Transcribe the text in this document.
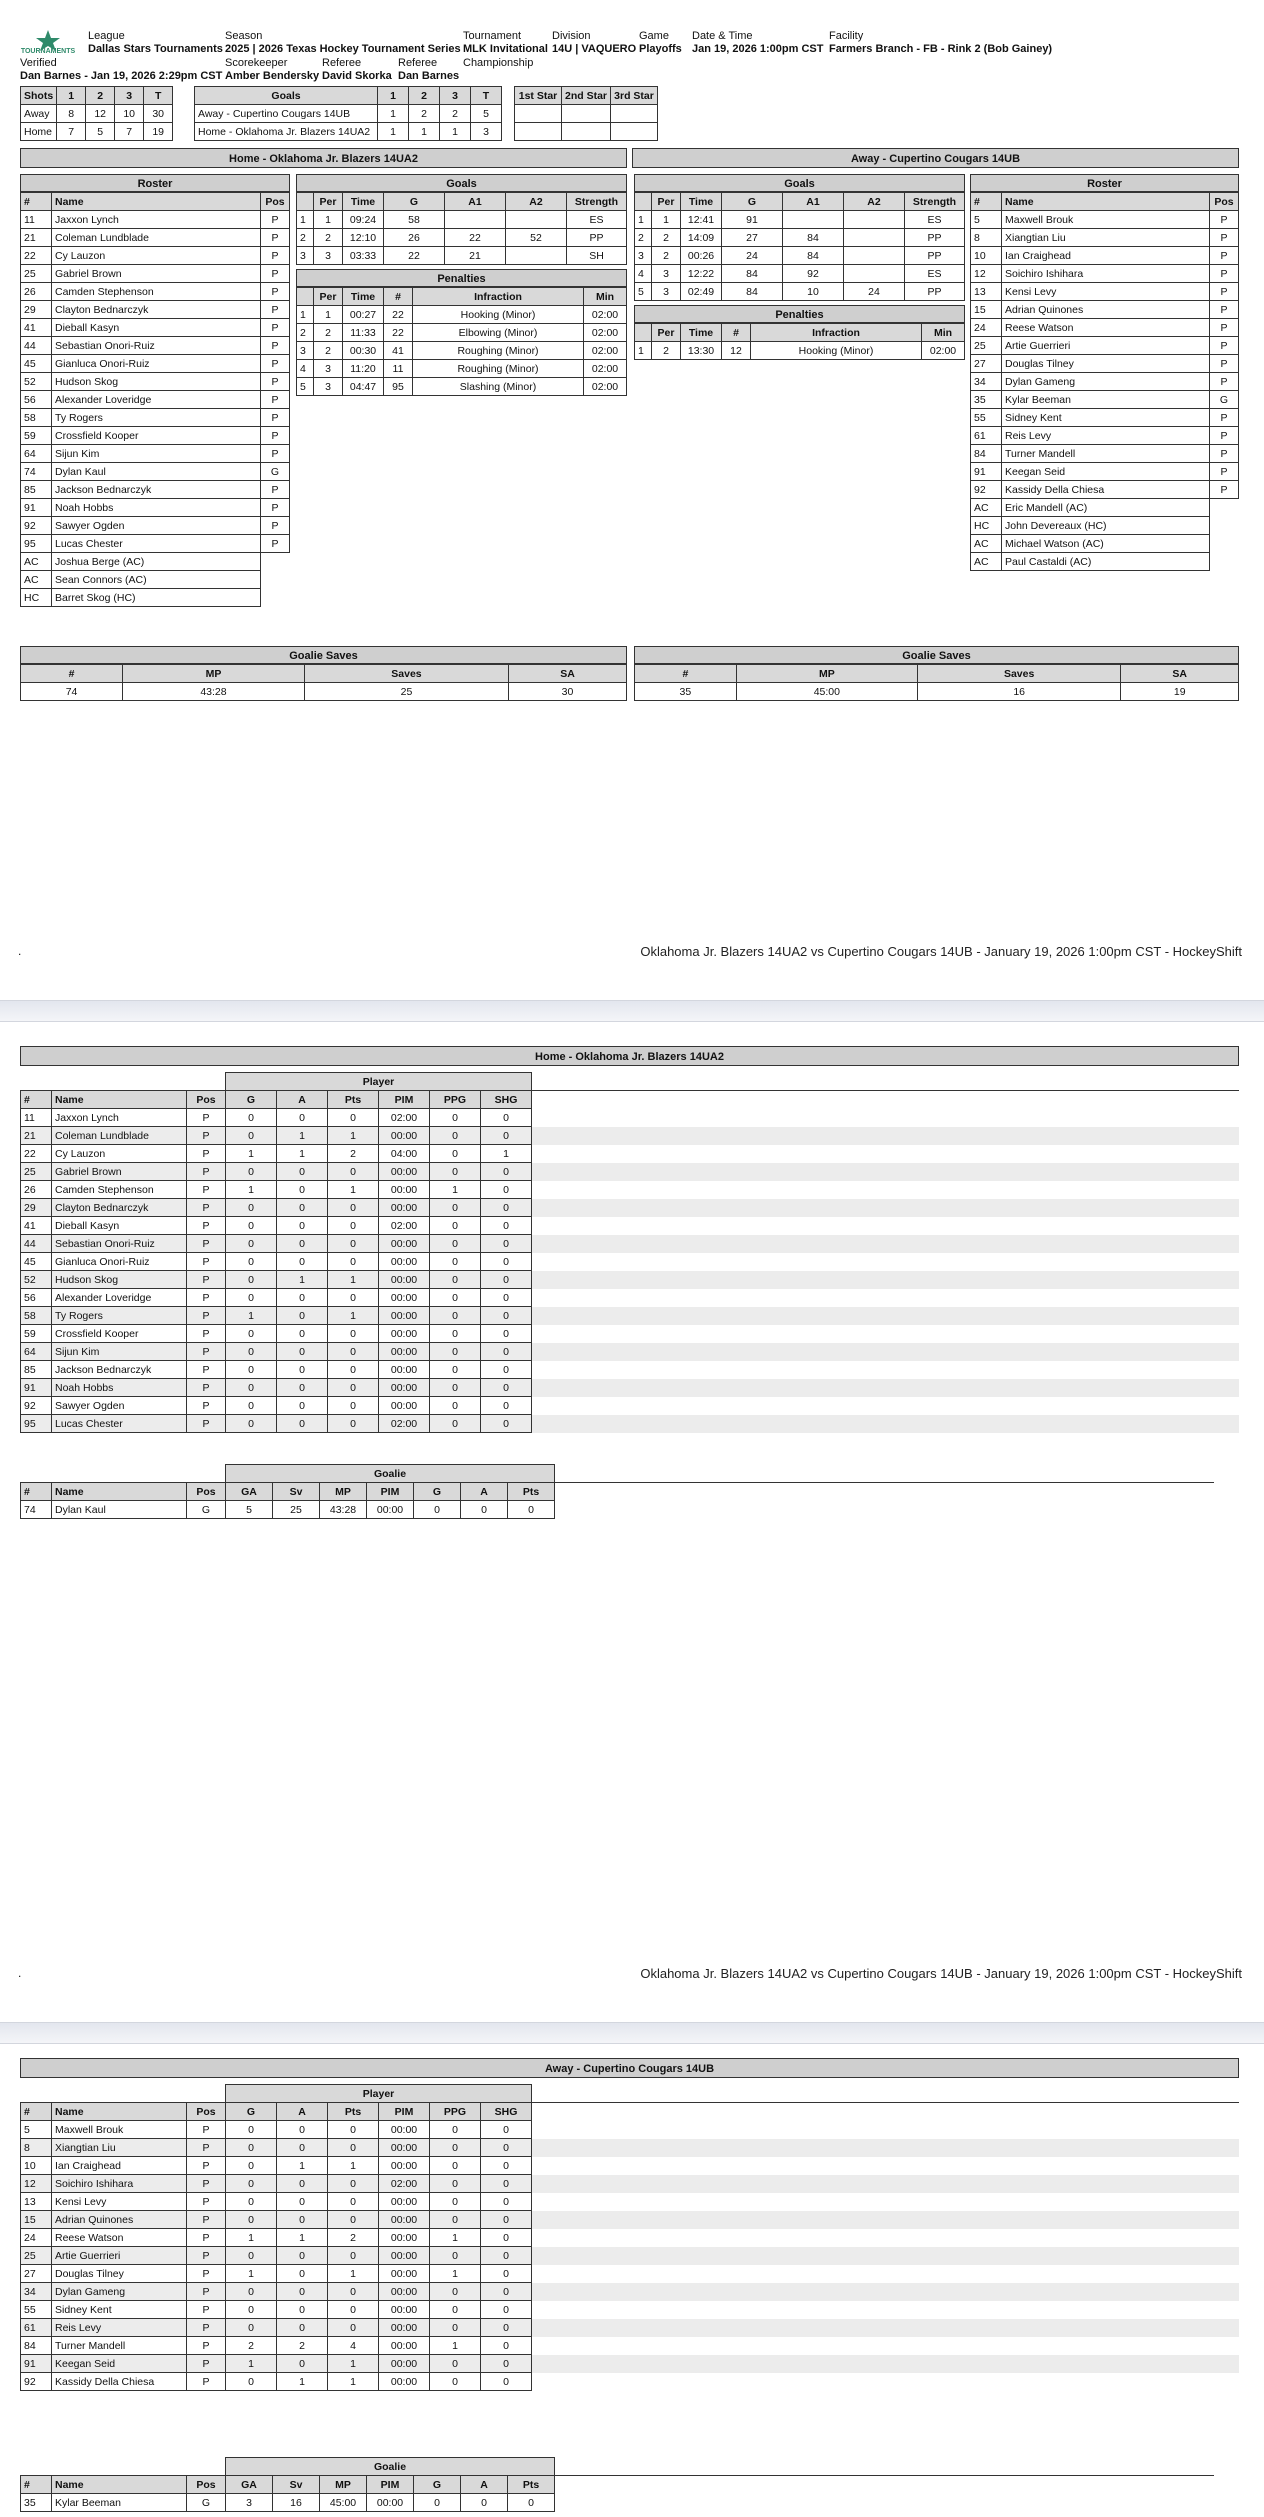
TOURNAMENTS
League
Dallas Stars Tournaments
Season
2025 | 2026 Texas Hockey Tournament Series
Tournament
MLK Invitational
Division
14U | VAQUERO
Game
Playoffs
Date & Time
Jan 19, 2026 1:00pm CST
Facility
Farmers Branch - FB - Rink 2 (Bob Gainey)
Verified
Dan Barnes - Jan 19, 2026 2:29pm CST
Scorekeeper
Amber Bendersky
Referee
David Skorka
Referee
Dan Barnes
Championship
Shots	1	2	3	T
Away	8	12	10	30
Home	7	5	7	19
Goals	1	2	3	T
Away - Cupertino Cougars 14UB	1	2	2	5
Home - Oklahoma Jr. Blazers 14UA2	1	1	1	3
1st Star	2nd Star	3rd Star

Home - Oklahoma Jr. Blazers 14UA2	Away - Cupertino Cougars 14UB
Roster
#	Name	Pos
11	Jaxxon Lynch	P
21	Coleman Lundblade	P
22	Cy Lauzon	P
25	Gabriel Brown	P
26	Camden Stephenson	P
29	Clayton Bednarczyk	P
41	Dieball Kasyn	P
44	Sebastian Onori-Ruiz	P
45	Gianluca Onori-Ruiz	P
52	Hudson Skog	P
56	Alexander Loveridge	P
58	Ty Rogers	P
59	Crossfield Kooper	P
64	Sijun Kim	P
74	Dylan Kaul	G
85	Jackson Bednarczyk	P
91	Noah Hobbs	P
92	Sawyer Ogden	P
95	Lucas Chester	P
AC	Joshua Berge (AC)	
AC	Sean Connors (AC)	
HC	Barret Skog (HC)	
Goals
	Per	Time	G	A1	A2	Strength
1	1	09:24	58			ES
2	2	12:10	26	22	52	PP
3	3	03:33	22	21		SH
Penalties
	Per	Time	#	Infraction	Min
1	1	00:27	22	Hooking (Minor)	02:00
2	2	11:33	22	Elbowing (Minor)	02:00
3	2	00:30	41	Roughing (Minor)	02:00
4	3	11:20	11	Roughing (Minor)	02:00
5	3	04:47	95	Slashing (Minor)	02:00
Goals
	Per	Time	G	A1	A2	Strength
1	1	12:41	91			ES
2	2	14:09	27	84		PP
3	2	00:26	24	84		PP
4	3	12:22	84	92		ES
5	3	02:49	84	10	24	PP
Penalties
	Per	Time	#	Infraction	Min
1	2	13:30	12	Hooking (Minor)	02:00
Roster
#	Name	Pos
5	Maxwell Brouk	P
8	Xiangtian Liu	P
10	Ian Craighead	P
12	Soichiro Ishihara	P
13	Kensi Levy	P
15	Adrian Quinones	P
24	Reese Watson	P
25	Artie Guerrieri	P
27	Douglas Tilney	P
34	Dylan Gameng	P
35	Kylar Beeman	G
55	Sidney Kent	P
61	Reis Levy	P
84	Turner Mandell	P
91	Keegan Seid	P
92	Kassidy Della Chiesa	P
AC	Eric Mandell (AC)	
HC	John Devereaux (HC)	
AC	Michael Watson (AC)	
AC	Paul Castaldi (AC)	
Goalie Saves
#	MP	Saves	SA
74	43:28	25	30
Goalie Saves
#	MP	Saves	SA
35	45:00	16	19
.	Oklahoma Jr. Blazers 14UA2 vs Cupertino Cougars 14UB - January 19, 2026 1:00pm CST - HockeyShift
Home - Oklahoma Jr. Blazers 14UA2
			Player						
#	Name	Pos	G	A	Pts	PIM	PPG	SHG	
11	Jaxxon Lynch	P	0	0	0	02:00	0	0	
21	Coleman Lundblade	P	0	1	1	00:00	0	0	
22	Cy Lauzon	P	1	1	2	04:00	0	1	
25	Gabriel Brown	P	0	0	0	00:00	0	0	
26	Camden Stephenson	P	1	0	1	00:00	1	0	
29	Clayton Bednarczyk	P	0	0	0	00:00	0	0	
41	Dieball Kasyn	P	0	0	0	02:00	0	0	
44	Sebastian Onori-Ruiz	P	0	0	0	00:00	0	0	
45	Gianluca Onori-Ruiz	P	0	0	0	00:00	0	0	
52	Hudson Skog	P	0	1	1	00:00	0	0	
56	Alexander Loveridge	P	0	0	0	00:00	0	0	
58	Ty Rogers	P	1	0	1	00:00	0	0	
59	Crossfield Kooper	P	0	0	0	00:00	0	0	
64	Sijun Kim	P	0	0	0	00:00	0	0	
85	Jackson Bednarczyk	P	0	0	0	00:00	0	0	
91	Noah Hobbs	P	0	0	0	00:00	0	0	
92	Sawyer Ogden	P	0	0	0	00:00	0	0	
95	Lucas Chester	P	0	0	0	02:00	0	0	
			Goalie							
#	Name	Pos	GA	Sv	MP	PIM	G	A	Pts	
74	Dylan Kaul	G	5	25	43:28	00:00	0	0	0	
.	Oklahoma Jr. Blazers 14UA2 vs Cupertino Cougars 14UB - January 19, 2026 1:00pm CST - HockeyShift
Away - Cupertino Cougars 14UB
			Player						
#	Name	Pos	G	A	Pts	PIM	PPG	SHG	
5	Maxwell Brouk	P	0	0	0	00:00	0	0	
8	Xiangtian Liu	P	0	0	0	00:00	0	0	
10	Ian Craighead	P	0	1	1	00:00	0	0	
12	Soichiro Ishihara	P	0	0	0	02:00	0	0	
13	Kensi Levy	P	0	0	0	00:00	0	0	
15	Adrian Quinones	P	0	0	0	00:00	0	0	
24	Reese Watson	P	1	1	2	00:00	1	0	
25	Artie Guerrieri	P	0	0	0	00:00	0	0	
27	Douglas Tilney	P	1	0	1	00:00	1	0	
34	Dylan Gameng	P	0	0	0	00:00	0	0	
55	Sidney Kent	P	0	0	0	00:00	0	0	
61	Reis Levy	P	0	0	0	00:00	0	0	
84	Turner Mandell	P	2	2	4	00:00	1	0	
91	Keegan Seid	P	1	0	1	00:00	0	0	
92	Kassidy Della Chiesa	P	0	1	1	00:00	0	0	
			Goalie							
#	Name	Pos	GA	Sv	MP	PIM	G	A	Pts	
35	Kylar Beeman	G	3	16	45:00	00:00	0	0	0	
